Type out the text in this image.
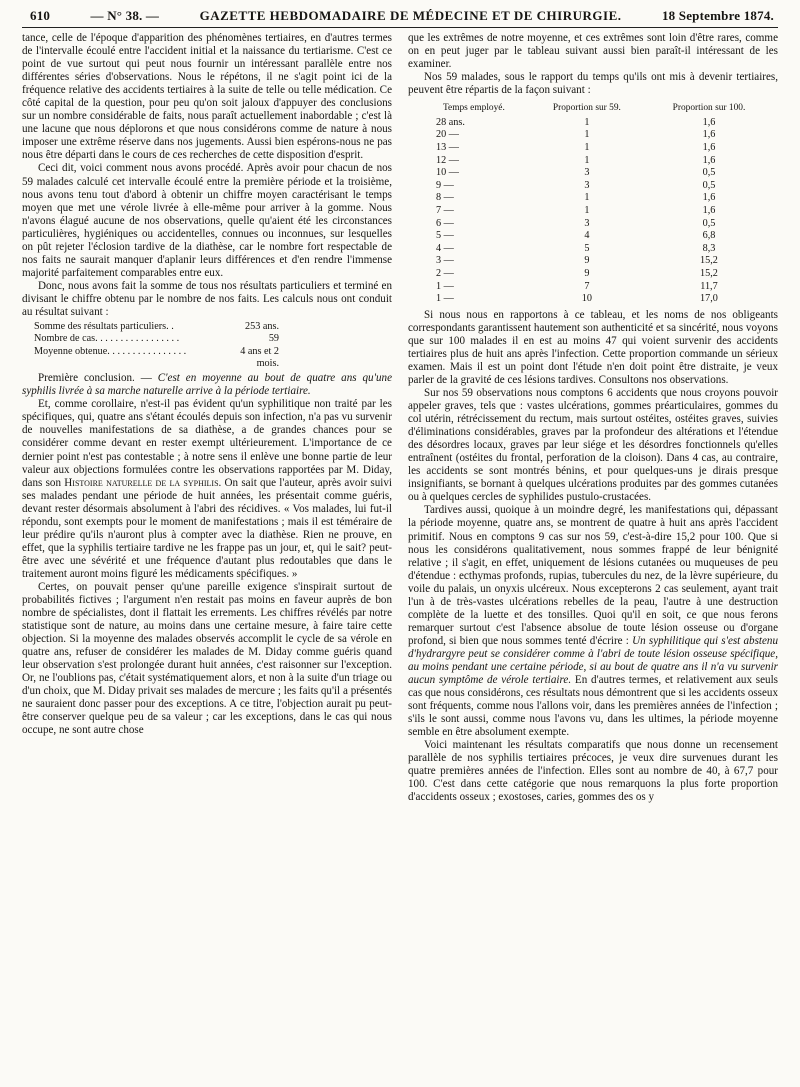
610	— N° 38. —	GAZETTE HEBDOMADAIRE DE MÉDECINE ET DE CHIRURGIE.	18 Septembre 1874.

tance, celle de l'époque d'apparition des phénomènes tertiaires, en d'autres termes de l'intervalle écoulé entre l'accident initial et la naissance du tertiarisme. C'est ce point de vue surtout qui peut nous fournir un intéressant parallèle entre nos différentes séries d'observations. Nous le répétons, il ne s'agit point ici de la fréquence relative des accidents tertiaires à la suite de telle ou telle médication. Ce côté capital de la question, pour peu qu'on soit jaloux d'appuyer des conclusions sur un nombre considérable de faits, nous paraît actuellement inabordable ; c'est là une lacune que nous déplorons et que nous considérons comme de nature à nous imposer une extrême réserve dans nos jugements. Aussi bien espérons-nous ne pas nous être départi dans le cours de ces recherches de cette disposition d'esprit.

Ceci dit, voici comment nous avons procédé. Après avoir pour chacun de nos 59 malades calculé cet intervalle écoulé entre la première période et la troisième, nous avons tenu tout d'abord à obtenir un chiffre moyen caractérisant le temps moyen que met une vérole livrée à elle-même pour arriver à la gomme. Nous n'avons élagué aucune de nos observations, quelle qu'aient été les circonstances particulières, hygiéniques ou accidentelles, connues ou inconnues, sur lesquelles on pût rejeter l'éclosion tardive de la diathèse, car le nombre fort respectable de nos faits ne saurait manquer d'aplanir leurs différences et d'en rendre l'immense majorité parfaitement comparables entre eux.

Donc, nous avons fait la somme de tous nos résultats particuliers et terminé en divisant le chiffre obtenu par le nombre de nos faits. Les calculs nous ont conduit au résultat suivant :

Somme des résultats particuliers. .	253 ans.
Nombre de cas. . . . . . . . . . . . . . . . .	59
Moyenne obtenue. . . . . . . . . . . . . . . .	4 ans et 2 mois.

Première conclusion. — C'est en moyenne au bout de quatre ans qu'une syphilis livrée à sa marche naturelle arrive à la période tertiaire.

Et, comme corollaire, n'est-il pas évident qu'un syphilitique non traité par les spécifiques, qui, quatre ans s'étant écoulés depuis son infection, n'a pas vu survenir de nouvelles manifestations de sa diathèse, a de grandes chances pour se considérer comme devant en rester exempt ultérieurement. L'importance de ce dernier point n'est pas contestable ; à notre sens il enlève une bonne partie de leur valeur aux objections formulées contre les observations rapportées par M. Diday, dans son Histoire naturelle de la syphilis. On sait que l'auteur, après avoir suivi ses malades pendant une période de huit années, les présentait comme guéris, devant rester désormais absolument à l'abri des récidives. « Vos malades, lui fut-il répondu, sont exempts pour le moment de manifestations ; mais il est téméraire de leur prédire qu'ils n'auront plus à compter avec la diathèse. Rien ne prouve, en effet, que la syphilis tertiaire tardive ne les frappe pas un jour, et, qui le sait? peut-être avec une sévérité et une fréquence d'autant plus redoutables que dans le traitement auront moins figuré les médicaments spécifiques. »

Certes, on pouvait penser qu'une pareille exigence s'inspirait surtout de probabilités fictives ; l'argument n'en restait pas moins en faveur auprès de bon nombre de spécialistes, dont il flattait les errements. Les chiffres révélés par notre statistique sont de nature, au moins dans une certaine mesure, à faire taire cette objection. Si la moyenne des malades observés accomplit le cycle de sa vérole en quatre ans, refuser de considérer les malades de M. Diday comme guéris quand leur observation s'est prolongée durant huit années, c'est raisonner sur l'exception. Or, ne l'oublions pas, c'était systématiquement alors, et non à la suite d'un triage ou d'un choix, que M. Diday privait ses malades de mercure ; les faits qu'il a présentés ne sauraient donc passer pour des exceptions. A ce titre, l'objection aurait pu peut-être conserver quelque peu de sa valeur ; car les exceptions, dans le cas qui nous occupe, ne sont autre chose

que les extrêmes de notre moyenne, et ces extrêmes sont loin d'être rares, comme on en peut juger par le tableau suivant aussi bien paraît-il intéressant de les examiner.

Nos 59 malades, sous le rapport du temps qu'ils ont mis à devenir tertiaires, peuvent être répartis de la façon suivant :

Temps employé.	Proportion sur 59.	Proportion sur 100.
28 ans.	1	1,6
20 —	1	1,6
13 —	1	1,6
12 —	1	1,6
10 —	3	0,5
9 —	3	0,5
8 —	1	1,6
7 —	1	1,6
6 —	3	0,5
5 —	4	6,8
4 —	5	8,3
3 —	9	15,2
2 —	9	15,2
1 —	7	11,7
1 —	10	17,0

Si nous nous en rapportons à ce tableau, et les noms de nos obligeants correspondants garantissent hautement son authenticité et sa sincérité, nous voyons que sur 100 malades il en est au moins 47 qui voient survenir des accidents tertiaires plus de huit ans après l'infection. Cette proportion commande un sérieux examen. Mais il est un point dont l'étude n'en doit point être distraite, je veux parler de la gravité de ces lésions tardives. Consultons nos observations.

Sur nos 59 observations nous comptons 6 accidents que nous croyons pouvoir appeler graves, tels que : vastes ulcérations, gommes préarticulaires, gommes du col utérin, rétrécissement du rectum, mais surtout ostéites, ostéites graves, suivies d'éliminations considérables, graves par la profondeur des altérations et l'étendue des désordres locaux, graves par leur siége et les désordres fonctionnels qu'elles entraînent (ostéites du frontal, perforation de la cloison). Dans 4 cas, au contraire, les accidents se sont montrés bénins, et pour quelques-uns je dirais presque insignifiants, se bornant à quelques ulcérations produites par des gommes cutanées ou à quelques cercles de syphilides pustulo-crustacées.

Tardives aussi, quoique à un moindre degré, les manifestations qui, dépassant la période moyenne, quatre ans, se montrent de quatre à huit ans après l'accident primitif. Nous en comptons 9 cas sur nos 59, c'est-à-dire 15,2 pour 100. Que si nous les considérons qualitativement, nous sommes frappé de leur bénignité relative ; il s'agit, en effet, uniquement de lésions cutanées ou muqueuses de peu d'étendue : ecthymas profonds, rupias, tubercules du nez, de la lèvre supérieure, du voile du palais, un onyxis ulcéreux. Nous excepterons 2 cas seulement, ayant trait l'un à de très-vastes ulcérations rebelles de la peau, l'autre à une destruction complète de la luette et des tonsilles. Quoi qu'il en soit, ce que nous ferons remarquer surtout c'est l'absence absolue de toute lésion osseuse ou d'organe profond, si bien que nous sommes tenté d'écrire : Un syphilitique qui s'est abstenu d'hydrargyre peut se considérer comme à l'abri de toute lésion osseuse spécifique, au moins pendant une certaine période, si au bout de quatre ans il n'a vu survenir aucun symptôme de vérole tertiaire. En d'autres termes, et relativement aux seuls cas que nous considérons, ces résultats nous démontrent que si les accidents osseux sont fréquents, comme nous l'allons voir, dans les premières années de l'infection ; s'ils le sont aussi, comme nous l'avons vu, dans les ultimes, la période moyenne semble en être absolument exempte.

Voici maintenant les résultats comparatifs que nous donne un recensement parallèle de nos syphilis tertiaires précoces, je veux dire survenues durant les quatre premières années de l'infection. Elles sont au nombre de 40, à 67,7 pour 100. C'est dans cette catégorie que nous remarquons la plus forte proportion d'accidents osseux ; exostoses, caries, gommes des os y
